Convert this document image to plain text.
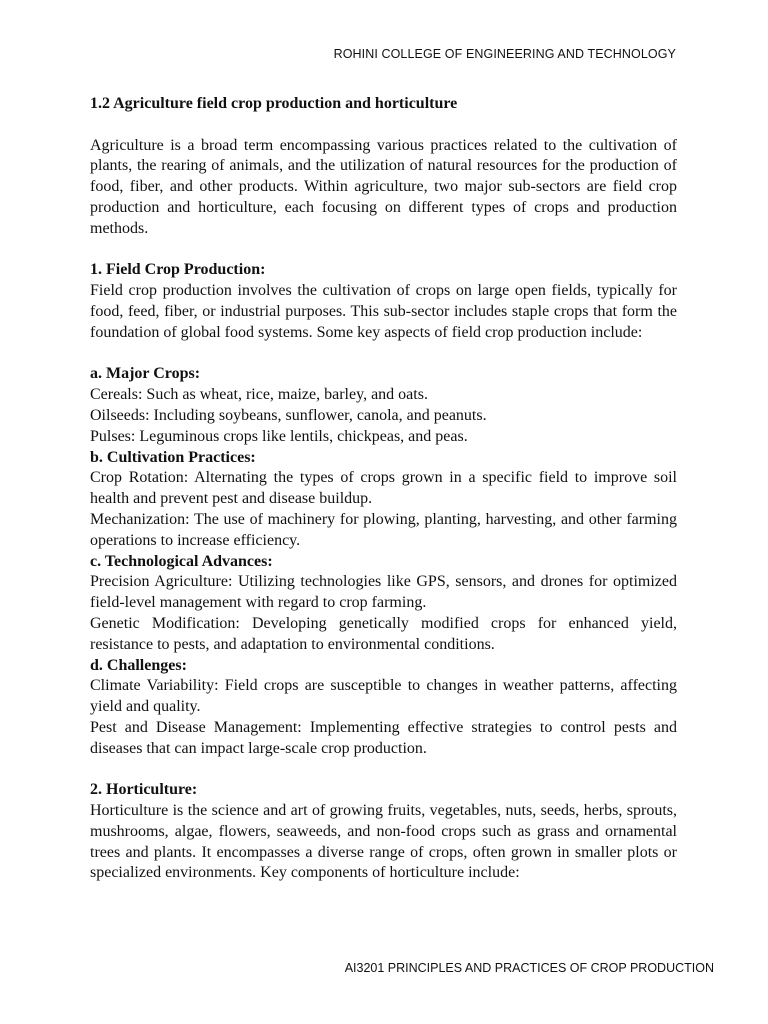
ROHINI COLLEGE OF ENGINEERING AND TECHNOLOGY

1.2 Agriculture field crop production and horticulture

Agriculture is a broad term encompassing various practices related to the cultivation of plants, the rearing of animals, and the utilization of natural resources for the production of food, fiber, and other products. Within agriculture, two major sub-sectors are field crop production and horticulture, each focusing on different types of crops and production methods.

1. Field Crop Production:

Field crop production involves the cultivation of crops on large open fields, typically for food, feed, fiber, or industrial purposes. This sub-sector includes staple crops that form the foundation of global food systems. Some key aspects of field crop production include:

a. Major Crops:

Cereals: Such as wheat, rice, maize, barley, and oats.

Oilseeds: Including soybeans, sunflower, canola, and peanuts.

Pulses: Leguminous crops like lentils, chickpeas, and peas.

b. Cultivation Practices:

Crop Rotation: Alternating the types of crops grown in a specific field to improve soil health and prevent pest and disease buildup.

Mechanization: The use of machinery for plowing, planting, harvesting, and other farming operations to increase efficiency.

c. Technological Advances:

Precision Agriculture: Utilizing technologies like GPS, sensors, and drones for optimized field-level management with regard to crop farming.

Genetic Modification: Developing genetically modified crops for enhanced yield, resistance to pests, and adaptation to environmental conditions.

d. Challenges:

Climate Variability: Field crops are susceptible to changes in weather patterns, affecting yield and quality.

Pest and Disease Management: Implementing effective strategies to control pests and diseases that can impact large-scale crop production.

2. Horticulture:

Horticulture is the science and art of growing fruits, vegetables, nuts, seeds, herbs, sprouts, mushrooms, algae, flowers, seaweeds, and non-food crops such as grass and ornamental trees and plants. It encompasses a diverse range of crops, often grown in smaller plots or specialized environments. Key components of horticulture include:

AI3201 PRINCIPLES AND PRACTICES OF CROP PRODUCTION
